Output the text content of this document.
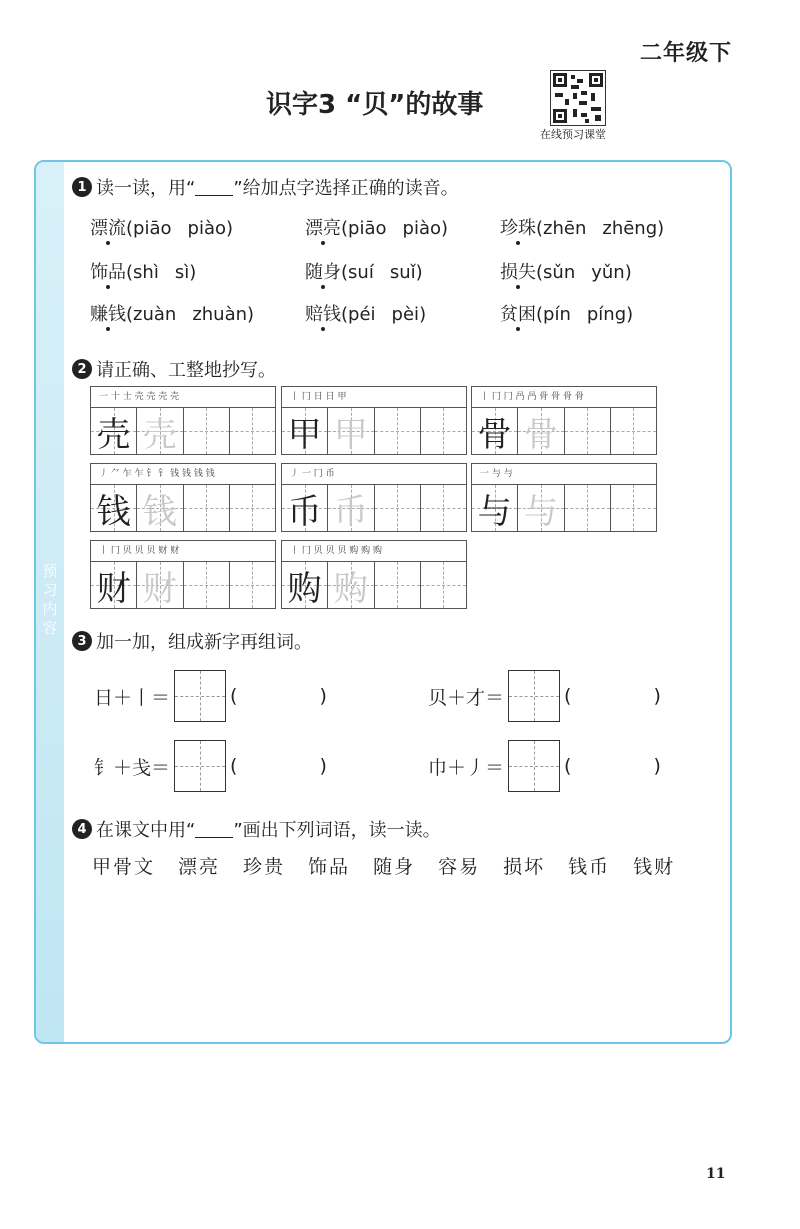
二年级下
识字3 “贝”的故事
在线预习课堂
预习内容
1 读一读，用“ ”给加点字选择正确的读音。
漂流(piāo piào)	漂亮(piāo piào)	珍珠(zhēn zhēng)
饰品(shì sì)	随身(suí suǐ)	损失(sǔn yǔn)
赚钱(zuàn zhuàn)	赔钱(péi pèi)	贫困(pín píng)
2 请正确、工整地抄写。
一 十 士 壳 壳 壳 壳
壳 壳
丨 冂 日 日 甲
甲 甲
丨 冂 冂 冎 冎 骨 骨 骨 骨
骨 骨
丿 ⺈ 乍 乍 钅 钅 钱 钱 钱 钱
钱 钱
丿 一 冂 币
币 币
一 与 与
与 与
丨 冂 贝 贝 贝 财 财
财 财
丨 冂 贝 贝 贝 购 购 购
购 购
3 加一加，组成新字再组词。
日＋丨＝	(	)	贝＋才＝	(	)
钅＋戋＝	(	)	巾＋丿＝	(	)
4 在课文中用“ ”画出下列词语，读一读。
甲骨文 漂亮 珍贵 饰品 随身 容易 损坏 钱币 钱财
11
